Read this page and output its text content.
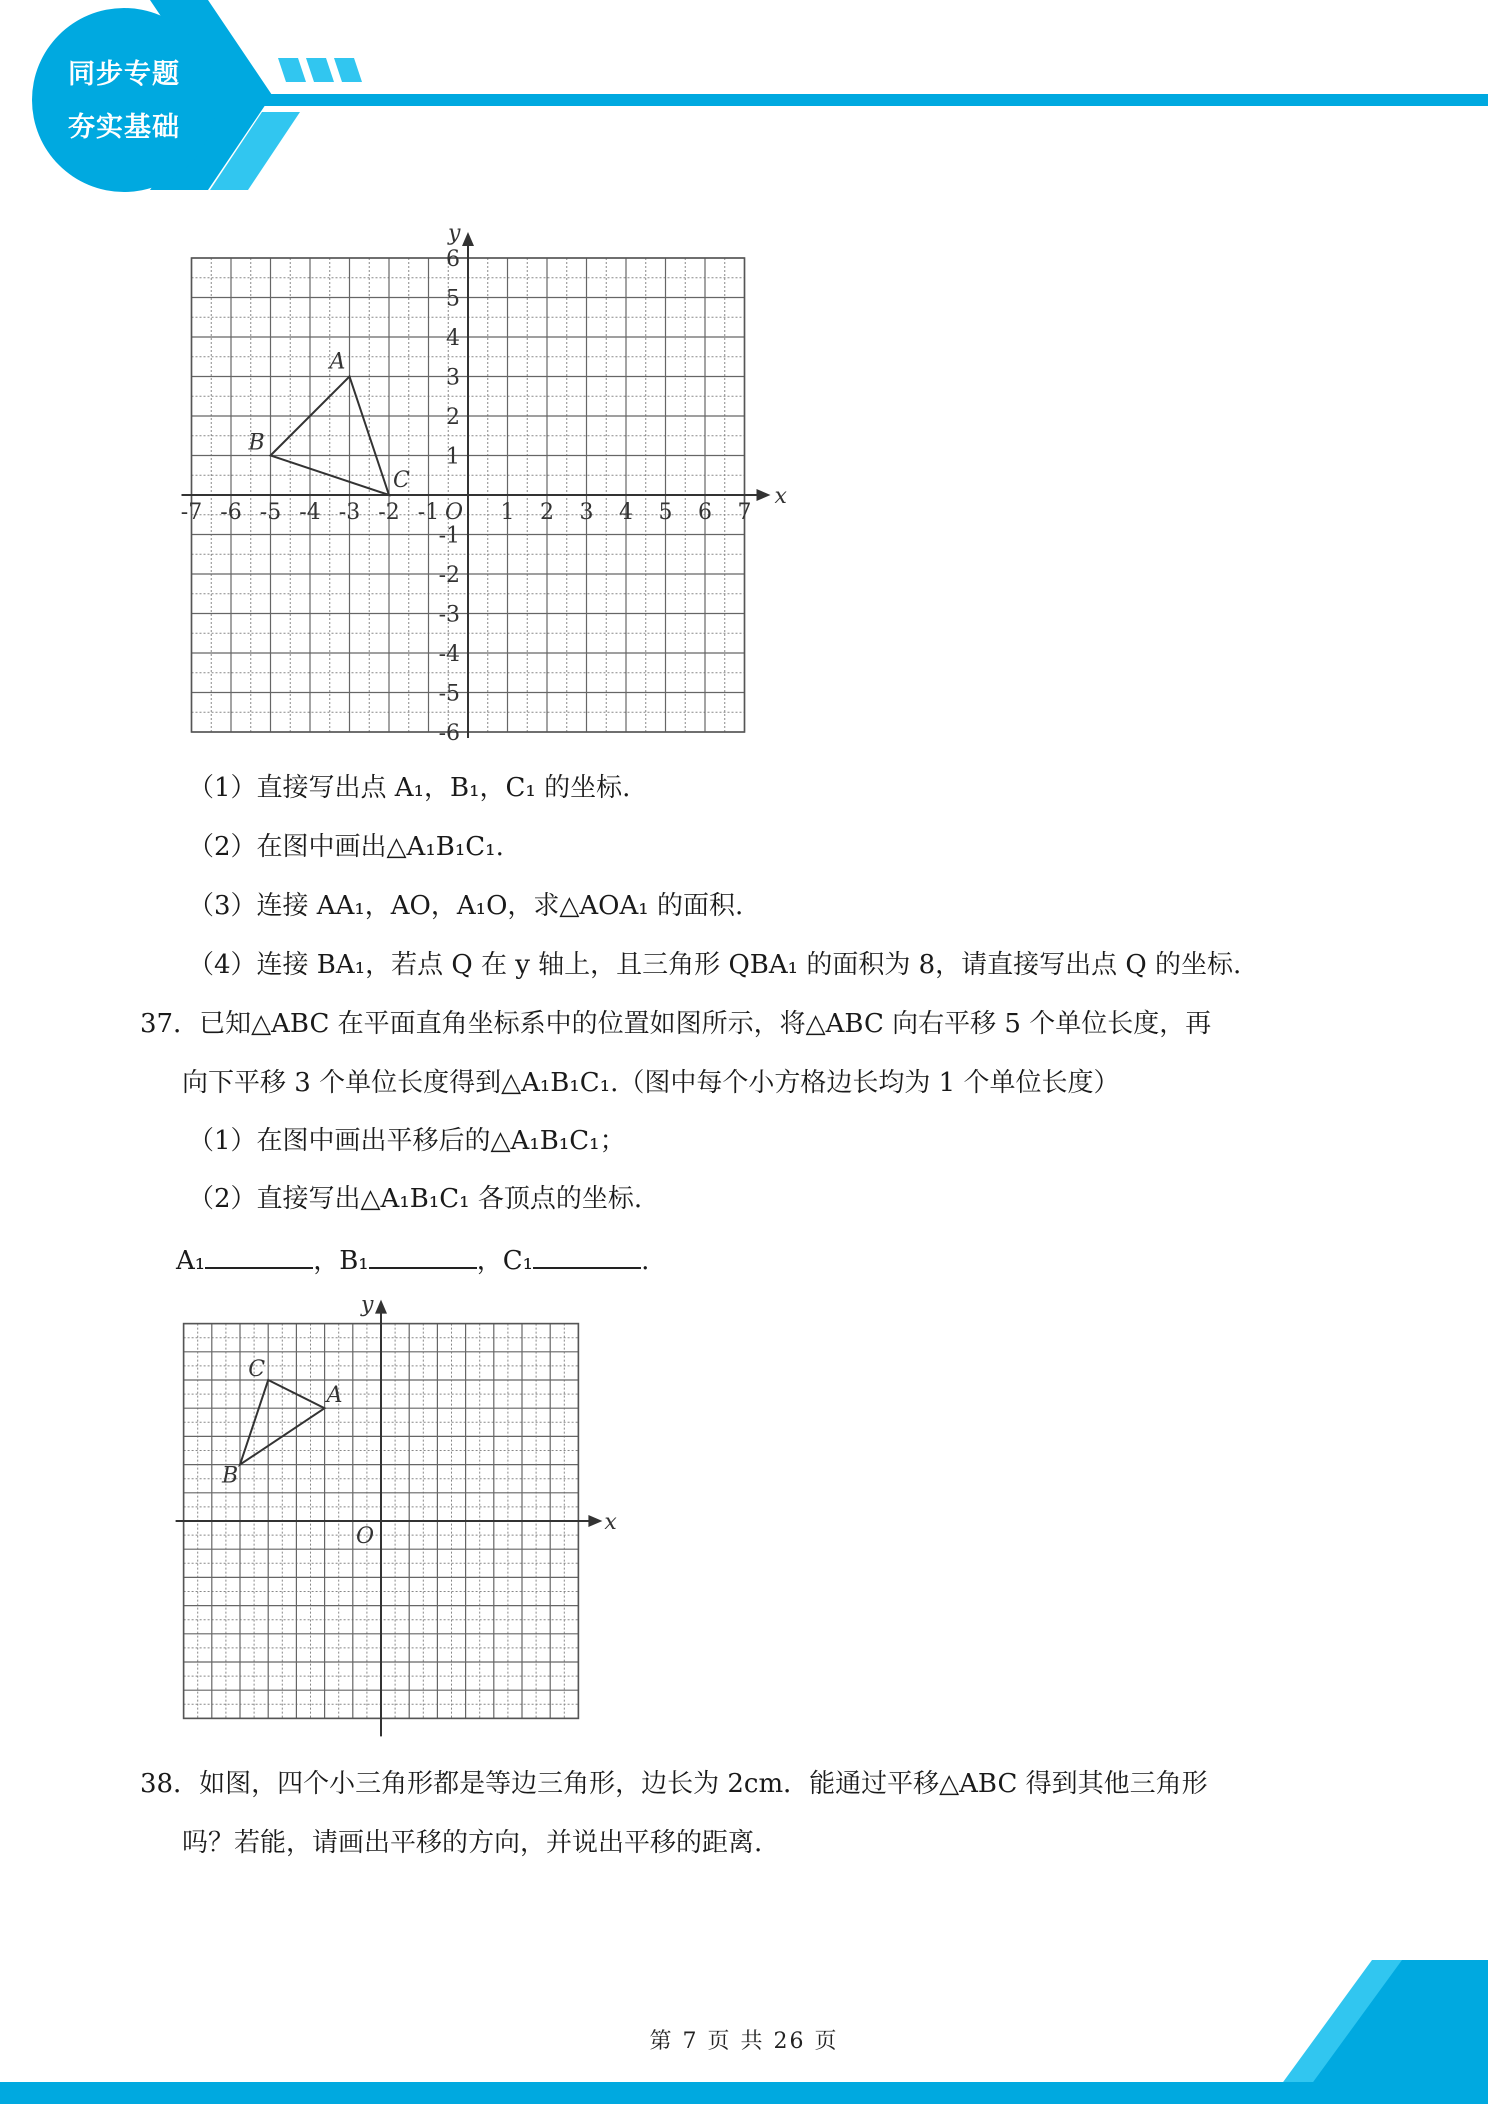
同步专题
夯实基础
x
y
-7 -6 -5 -4 -3 -2 -1	1 2 3 4 5 6 7
6
5
4
3
2
1
-1
-2
-3
-4
-5
-6
O
A
B
C
（1）直接写出点 A₁，B₁，C₁ 的坐标.
（2）在图中画出△A₁B₁C₁.
（3）连接 AA₁，AO，A₁O，求△AOA₁ 的面积.
（4）连接 BA₁，若点 Q 在 y 轴上，且三角形 QBA₁ 的面积为 8，请直接写出点 Q 的坐标.
37．已知△ABC 在平面直角坐标系中的位置如图所示，将△ABC 向右平移 5 个单位长度，再
向下平移 3 个单位长度得到△A₁B₁C₁.（图中每个小方格边长均为 1 个单位长度）
（1）在图中画出平移后的△A₁B₁C₁；
（2）直接写出△A₁B₁C₁ 各顶点的坐标.
A₁	，B₁	，C₁	.
x
y
O
A
B
C
38．如图，四个小三角形都是等边三角形，边长为 2cm．能通过平移△ABC 得到其他三角形
吗？若能，请画出平移的方向，并说出平移的距离.
第 7 页 共 26 页
